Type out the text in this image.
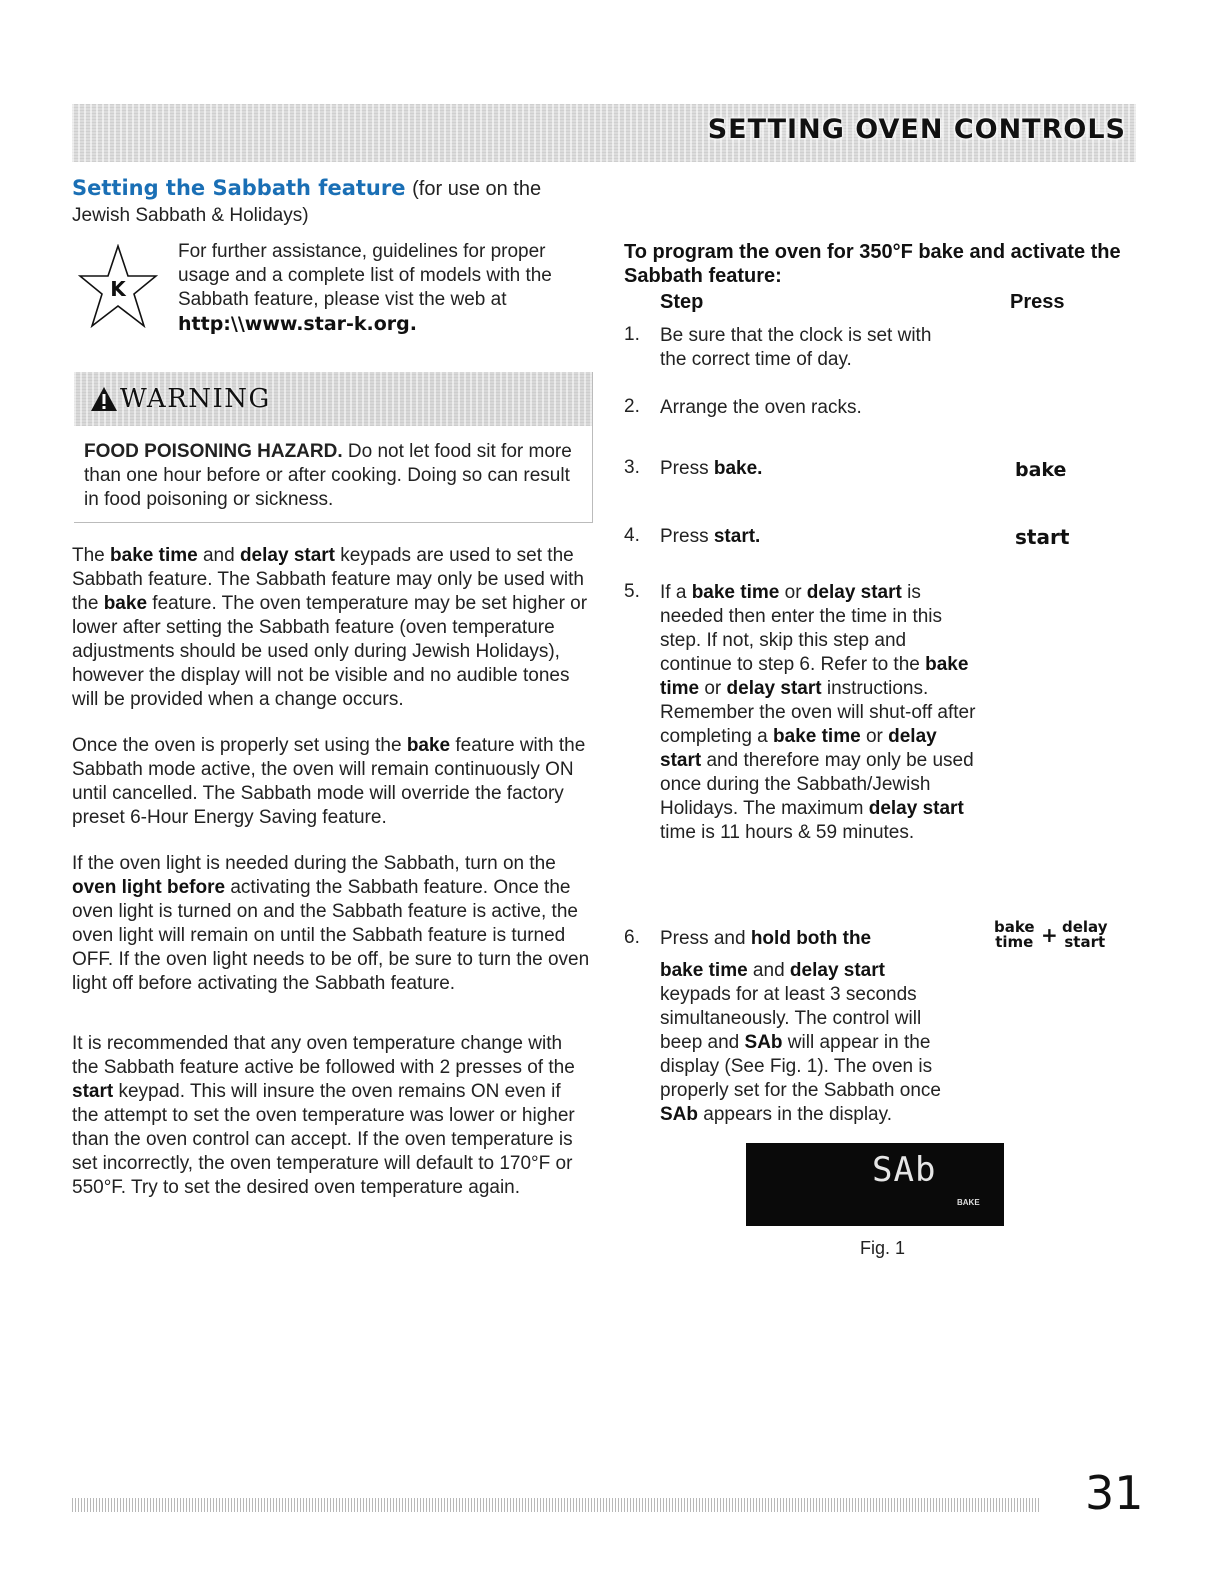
SETTING OVEN CONTROLS
Setting the Sabbath feature (for use on the
Jewish Sabbath & Holidays)
K
For further assistance, guidelines for proper
usage and a complete list of models with the
Sabbath feature, please vist the web at
http:\\www.star-k.org.
WARNING
FOOD POISONING HAZARD. Do not let food sit for more than one hour before or after cooking. Doing so can result in food poisoning or sickness.
The bake time and delay start keypads are used to set the Sabbath feature. The Sabbath feature may only be used with the bake feature. The oven temperature may be set higher or lower after setting the Sabbath feature (oven temperature adjustments should be used only during Jewish Holidays), however the display will not be visible and no audible tones will be provided when a change occurs.
Once the oven is properly set using the bake feature with the Sabbath mode active, the oven will remain continuously ON until cancelled. The Sabbath mode will override the factory preset 6-Hour Energy Saving feature.
If the oven light is needed during the Sabbath, turn on the oven light before activating the Sabbath feature. Once the oven light is turned on and the Sabbath feature is active, the oven light will remain on until the Sabbath feature is turned OFF. If the oven light needs to be off, be sure to turn the oven light off before activating the Sabbath feature.
It is recommended that any oven temperature change with the Sabbath feature active be followed with 2 presses of the start keypad. This will insure the oven remains ON even if the attempt to set the oven temperature was lower or higher than the oven control can accept. If the oven temperature is set incorrectly, the oven temperature will default to 170°F or 550°F. Try to set the desired oven temperature again.
To program the oven for 350°F bake and activate the Sabbath feature:
Step	Press
1. Be sure that the clock is set with the correct time of day.
2. Arrange the oven racks.
3. Press bake.	bake
4. Press start.	start
5. If a bake time or delay start is needed then enter the time in this step. If not, skip this step and continue to step 6. Refer to the bake time or delay start instructions. Remember the oven will shut-off after completing a bake time or delay start and therefore may only be used once during the Sabbath/Jewish Holidays. The maximum delay start time is 11 hours & 59 minutes.
6. Press and hold both the
bake time and delay start keypads for at least 3 seconds simultaneously. The control will beep and SAb will appear in the display (See Fig. 1). The oven is properly set for the Sabbath once SAb appears in the display.
bake
time + delay
start
SAb
BAKE
Fig. 1
31
